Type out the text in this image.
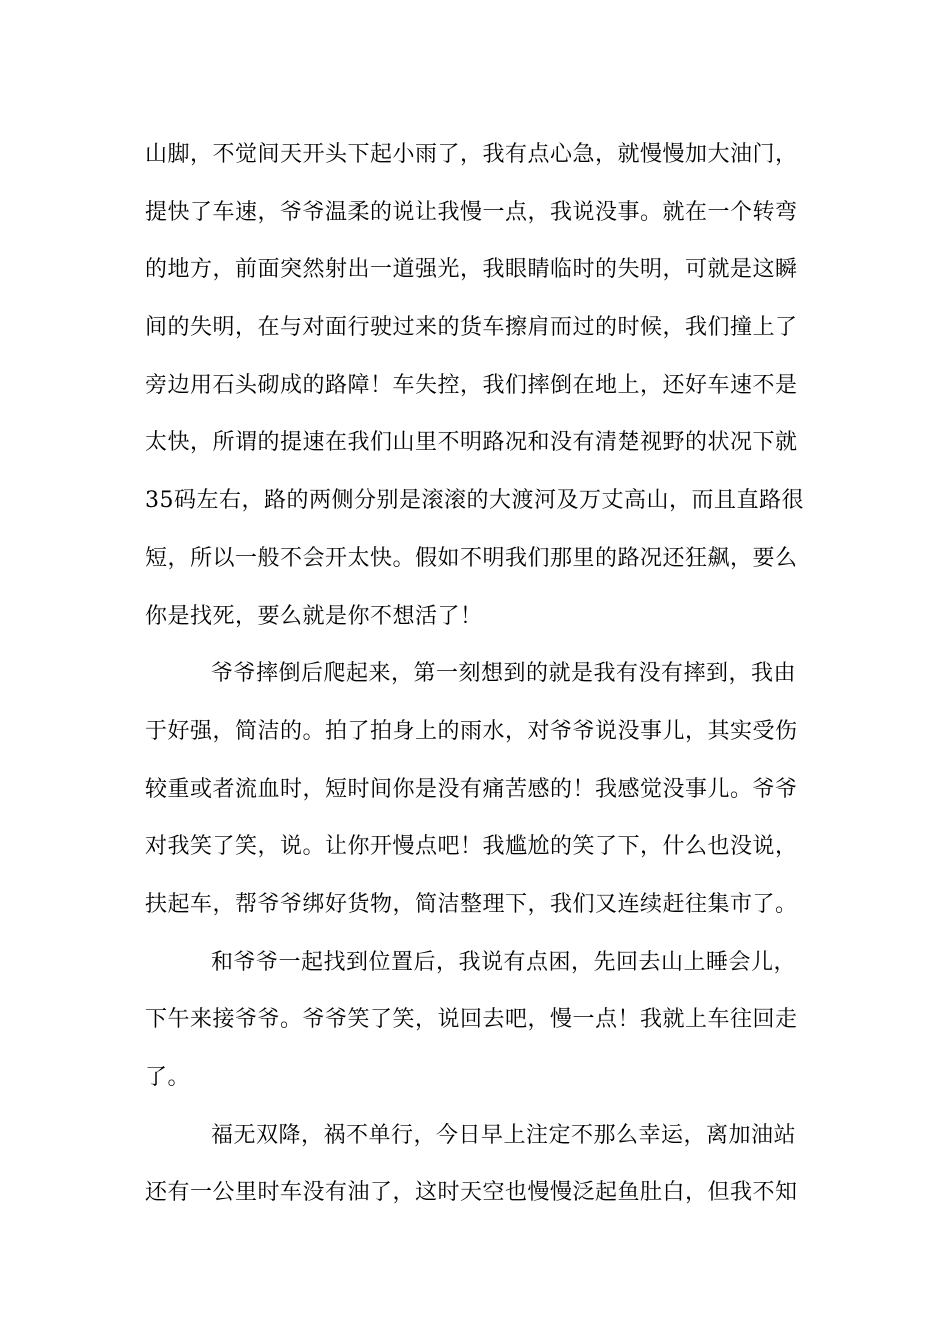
山脚，不觉间天开头下起小雨了，我有点心急，就慢慢加大油门，
提快了车速，爷爷温柔的说让我慢一点，我说没事。就在一个转弯
的地方，前面突然射出一道强光，我眼睛临时的失明，可就是这瞬
间的失明，在与对面行驶过来的货车擦肩而过的时候，我们撞上了
旁边用石头砌成的路障！车失控，我们摔倒在地上，还好车速不是
太快，所谓的提速在我们山里不明路况和没有清楚视野的状况下就
35码左右，路的两侧分别是滚滚的大渡河及万丈高山，而且直路很
短，所以一般不会开太快。假如不明我们那里的路况还狂飙，要么
你是找死，要么就是你不想活了！
爷爷摔倒后爬起来，第一刻想到的就是我有没有摔到，我由
于好强，简洁的。拍了拍身上的雨水，对爷爷说没事儿，其实受伤
较重或者流血时，短时间你是没有痛苦感的！我感觉没事儿。爷爷
对我笑了笑，说。让你开慢点吧！我尴尬的笑了下，什么也没说，
扶起车，帮爷爷绑好货物，简洁整理下，我们又连续赶往集市了。
和爷爷一起找到位置后，我说有点困，先回去山上睡会儿，
下午来接爷爷。爷爷笑了笑，说回去吧，慢一点！我就上车往回走
了。
福无双降，祸不单行，今日早上注定不那么幸运，离加油站
还有一公里时车没有油了，这时天空也慢慢泛起鱼肚白，但我不知
